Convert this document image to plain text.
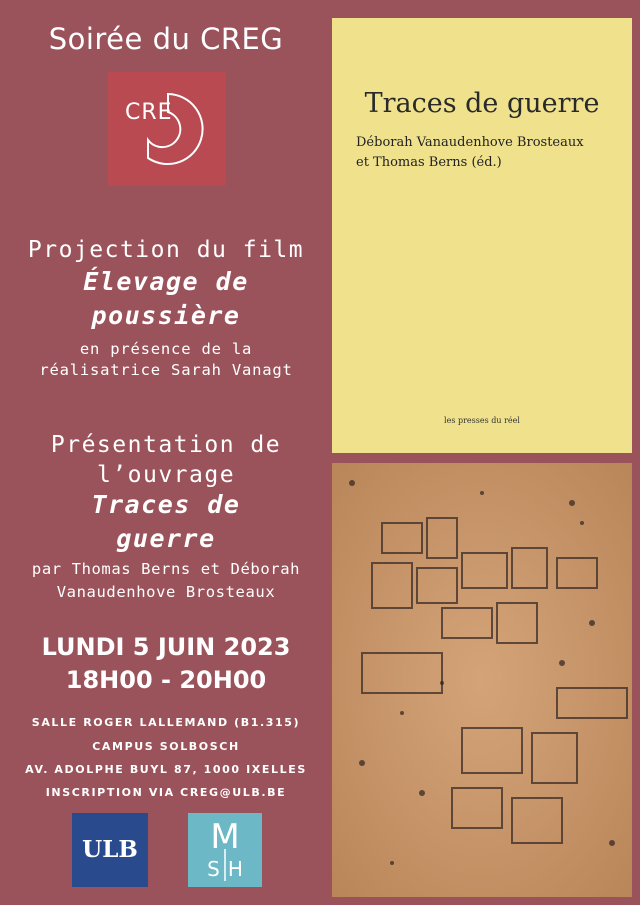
Soirée du CREG
CRE
Projection du film
Élevage de
poussière
en présence de la
réalisatrice Sarah Vanagt
Présentation de
l’ouvrage
Traces de
guerre
par Thomas Berns et Déborah
Vanaudenhove Brosteaux
LUNDI 5 JUIN 2023
18H00 - 20H00
SALLE ROGER LALLEMAND (B1.315)
CAMPUS SOLBOSCH
AV. ADOLPHE BUYL 87, 1000 IXELLES
INSCRIPTION VIA CREG@ULB.BE
ULB	M
SH
Traces de guerre
Déborah Vanaudenhove Brosteaux
et Thomas Berns (éd.)
les presses du réel
